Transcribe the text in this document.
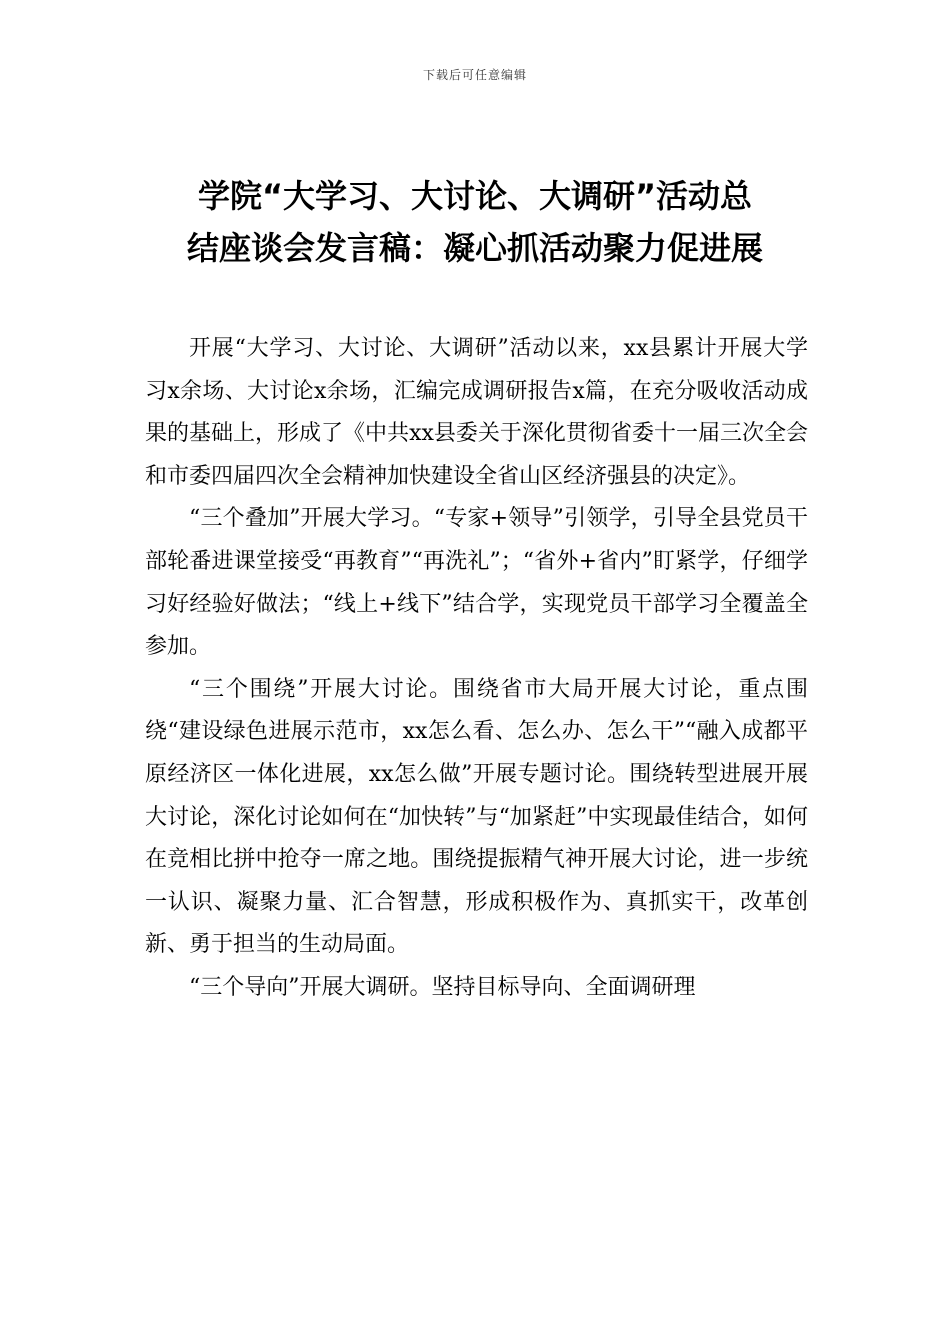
下载后可任意编辑
学院“大学习、大讨论、大调研”活动总
结座谈会发言稿：凝心抓活动聚力促进展

开展“大学习、大讨论、大调研”活动以来，xx县累计开展大学习x余场、大讨论x余场，汇编完成调研报告x篇，在充分吸收活动成果的基础上，形成了《中共xx县委关于深化贯彻省委十一届三次全会和市委四届四次全会精神加快建设全省山区经济强县的决定》。

“三个叠加”开展大学习。“专家+领导”引领学，引导全县党员干部轮番进课堂接受“再教育”“再洗礼”；“省外+省内”盯紧学，仔细学习好经验好做法；“线上+线下”结合学，实现党员干部学习全覆盖全参加。

“三个围绕”开展大讨论。围绕省市大局开展大讨论，重点围绕“建设绿色进展示范市，xx怎么看、怎么办、怎么干”“融入成都平原经济区一体化进展，xx怎么做”开展专题讨论。围绕转型进展开展大讨论，深化讨论如何在“加快转”与“加紧赶”中实现最佳结合，如何在竞相比拼中抢夺一席之地。围绕提振精气神开展大讨论，进一步统一认识、凝聚力量、汇合智慧，形成积极作为、真抓实干，改革创新、勇于担当的生动局面。

“三个导向”开展大调研。坚持目标导向、全面调研理
